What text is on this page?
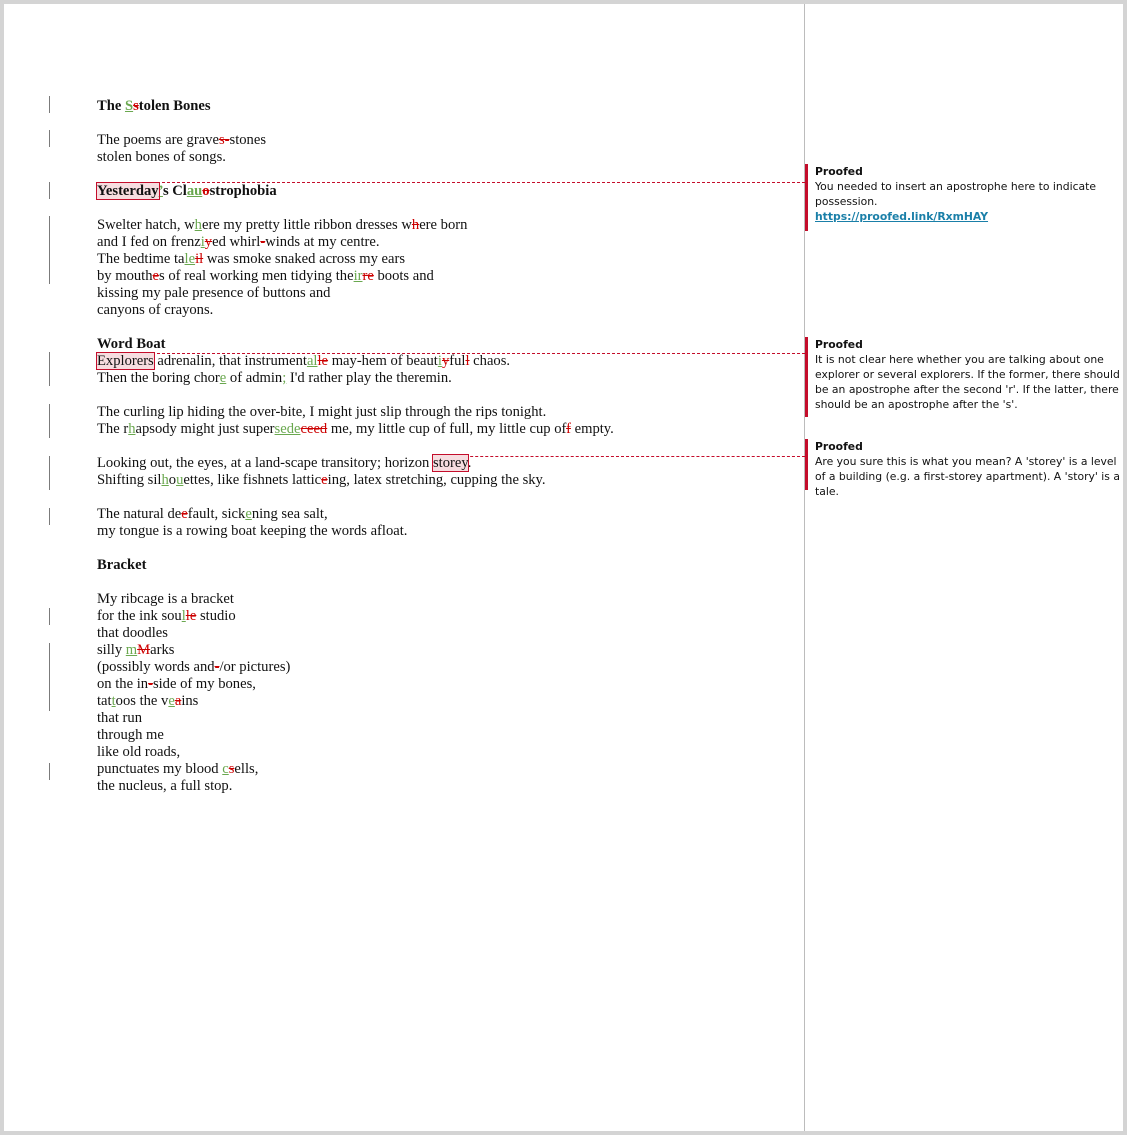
The Sstolen Bones
The poems are graves-stones
stolen bones of songs.
Yesterday’s Clauostrophobia
Swelter hatch, where my pretty little ribbon dresses where born
and I fed on frenziyed whirl-winds at my centre.
The bedtime taleil was smoke snaked across my ears
by mouthes of real working men tidying theirre boots and
kissing my pale presence of buttons and
canyons of crayons.
Word Boat
Explorers adrenalin, that instrumentalle may-hem of beautiyfull chaos.
Then the boring chore of admin; I'd rather play the theremin.
The curling lip hiding the over-bite, I might just slip through the rips tonight.
The rhapsody might just supersedeceed me, my little cup of full, my little cup off empty.
Looking out, the eyes, at a land-scape transitory; horizon storey.
Shifting silhouettes, like fishnets latticeing, latex stretching, cupping the sky.
The natural deefault, sickening sea salt,
my tongue is a rowing boat keeping the words afloat.
Bracket
My ribcage is a bracket
for the ink soulle studio
that doodles
silly mMarks
(possibly words and-/or pictures)
on the in-side of my bones,
tattoos the veains
that run
through me
like old roads,
punctuates my blood csells,
the nucleus, a full stop.
Proofed
You needed to insert an apostrophe here to indicate possession.
https://proofed.link/RxmHAY
Proofed
It is not clear here whether you are talking about one explorer or several explorers. If the former, there should be an apostrophe after the second 'r'. If the latter, there should be an apostrophe after the 's'.
Proofed
Are you sure this is what you mean? A 'storey' is a level of a building (e.g. a first-storey apartment). A 'story' is a tale.
